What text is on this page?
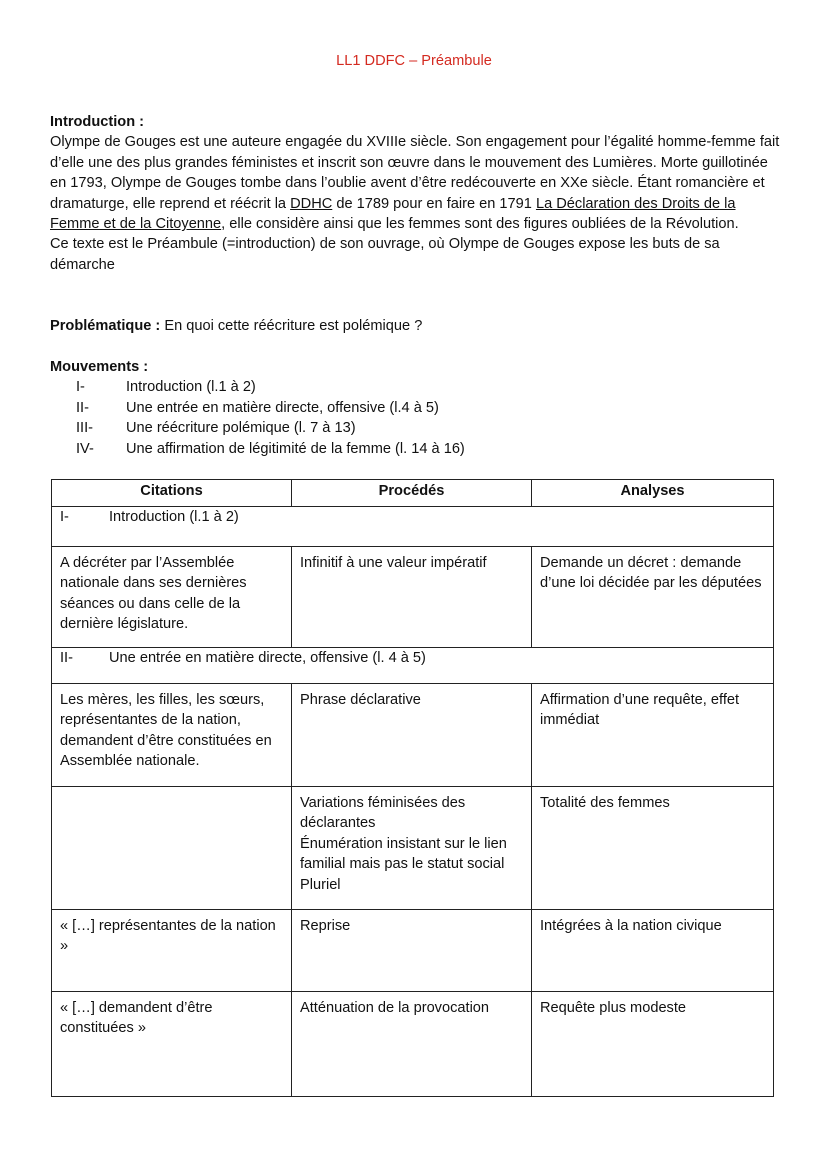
LL1 DDFC – Préambule
Introduction :
Olympe de Gouges est une auteure engagée du XVIIIe siècle. Son engagement pour l’égalité homme-femme fait d’elle une des plus grandes féministes et inscrit son œuvre dans le mouvement des Lumières. Morte guillotinée en 1793, Olympe de Gouges tombe dans l’oublie avent d’être redécouverte en XXe siècle. Étant romancière et dramaturge, elle reprend et réécrit la DDHC de 1789 pour en faire en 1791 La Déclaration des Droits de la Femme et de la Citoyenne, elle considère ainsi que les femmes sont des figures oubliées de la Révolution.
Ce texte est le Préambule (=introduction) de son ouvrage, où Olympe de Gouges expose les buts de sa démarche
Problématique : En quoi cette réécriture est polémique ?
Mouvements :
I-	Introduction (l.1 à 2)
II-	Une entrée en matière directe, offensive (l.4 à 5)
III-	Une réécriture polémique (l. 7 à 13)
IV-	Une affirmation de légitimité de la femme (l. 14 à 16)
Citations	Procédés	Analyses
I- Introduction (l.1 à 2)		

A décréter par l’Assemblée nationale dans ses dernières séances ou dans celle de la dernière législature.	Infinitif à une valeur impératif	Demande un décret : demande d’une loi décidée par les députées

II- Une entrée en matière directe, offensive (l. 4 à 5)		

Les mères, les filles, les sœurs, représentantes de la nation, demandent d’être constituées en Assemblée nationale.	Phrase déclarative	Affirmation d’une requête, effet immédiat

	Variations féminisées des déclarantes
Énumération insistant sur le lien familial mais pas le statut social
Pluriel	Totalité des femmes

« […] représentantes de la nation »	Reprise	Intégrées à la nation civique

« […] demandent d’être constituées »	Atténuation de la provocation	Requête plus modeste
